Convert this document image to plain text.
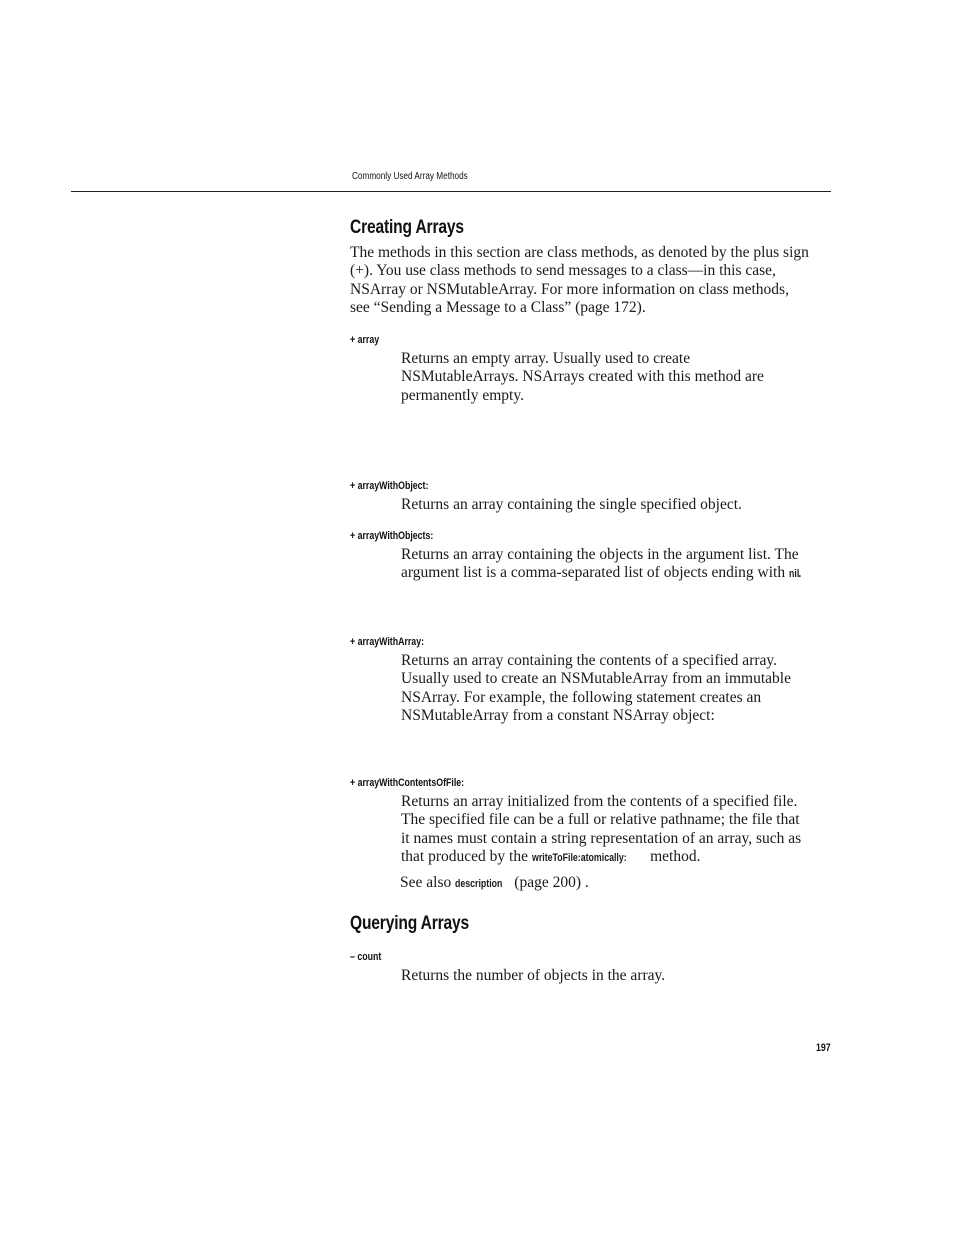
Commonly Used Array Methods
Creating Arrays

The methods in this section are class methods, as denoted by the plus sign (+). You use class methods to send messages to a class—in this case, NSArray or NSMutableArray. For more information on class methods, see “Sending a Message to a Class” (page 172).

+ array

Returns an empty array. Usually used to create NSMutableArrays. NSArrays created with this method are permanently empty.

+ arrayWithObject:

Returns an array containing the single specified object.

+ arrayWithObjects:

Returns an array containing the objects in the argument list. The argument list is a comma-separated list of objects ending with nil.

+ arrayWithArray:

Returns an array containing the contents of a specified array. Usually used to create an NSMutableArray from an immutable NSArray. For example, the following statement creates an NSMutableArray from a constant NSArray object:

+ arrayWithContentsOfFile:

Returns an array initialized from the contents of a specified file. The specified file can be a full or relative pathname; the file that it names must contain a string representation of an array, such as that produced by the writeToFile:atomically: method.

See also description (page 200) .

Querying Arrays
– count

Returns the number of objects in the array.

197
